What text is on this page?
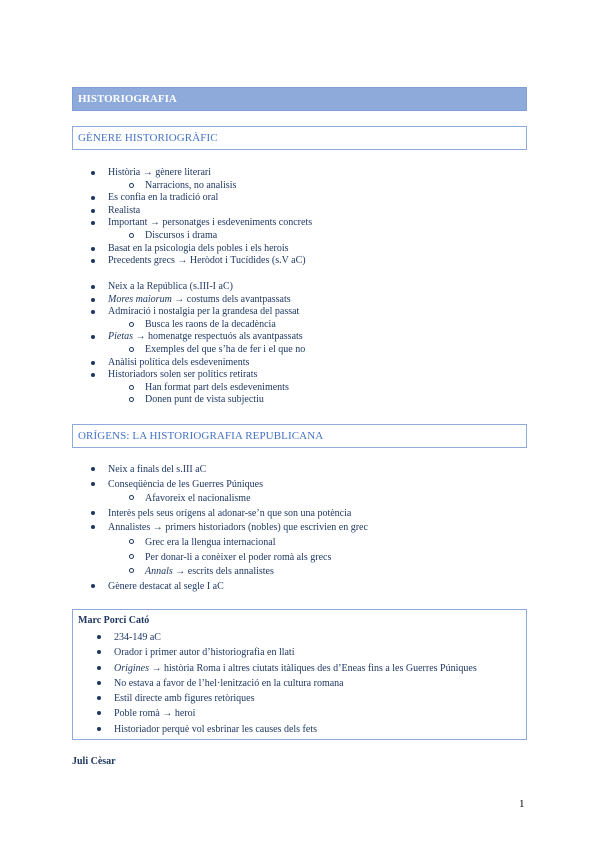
HISTORIOGRAFIA
GÈNERE HISTORIOGRÀFIC
Història → gènere literari
Narracions, no analisis
Es confia en la tradició oral
Realista
Important → personatges i esdeveniments concrets
Discursos i drama
Basat en la psicologia dels pobles i els herois
Precedents grecs → Heròdot i Tucídides (s.V aC)
Neix a la República (s.III-I aC)
Mores maiorum → costums dels avantpassats
Admiració i nostalgia per la grandesa del passat
Busca les raons de la decadència
Pietas → homenatge respectuós als avantpassats
Exemples del que s’ha de fer i el que no
Anàlisi política dels esdeveniments
Historiadors solen ser polítics retirats
Han format part dels esdeveniments
Donen punt de vista subjectiu
ORÍGENS: LA HISTORIOGRAFIA REPUBLICANA
Neix a finals del s.III aC
Conseqüència de les Guerres Púniques
Afavoreix el nacionalisme
Interès pels seus orígens al adonar-se’n que son una potència
Annalistes → primers historiadors (nobles) que escrivien en grec
Grec era la llengua internacional
Per donar-li a conèixer el poder romà als grecs
Annals → escrits dels annalistes
Gènere destacat al segle I aC
Marc Porci Cató
234-149 aC
Orador i primer autor d’historiografia en llatí
Origines → història Roma i altres ciutats itàliques des d’Eneas fins a les Guerres Púniques
No estava a favor de l’hel·lenització en la cultura romana
Estil directe amb figures retòriques
Poble romà → heroi
Historiador perquè vol esbrinar les causes dels fets
Juli Cèsar
1
